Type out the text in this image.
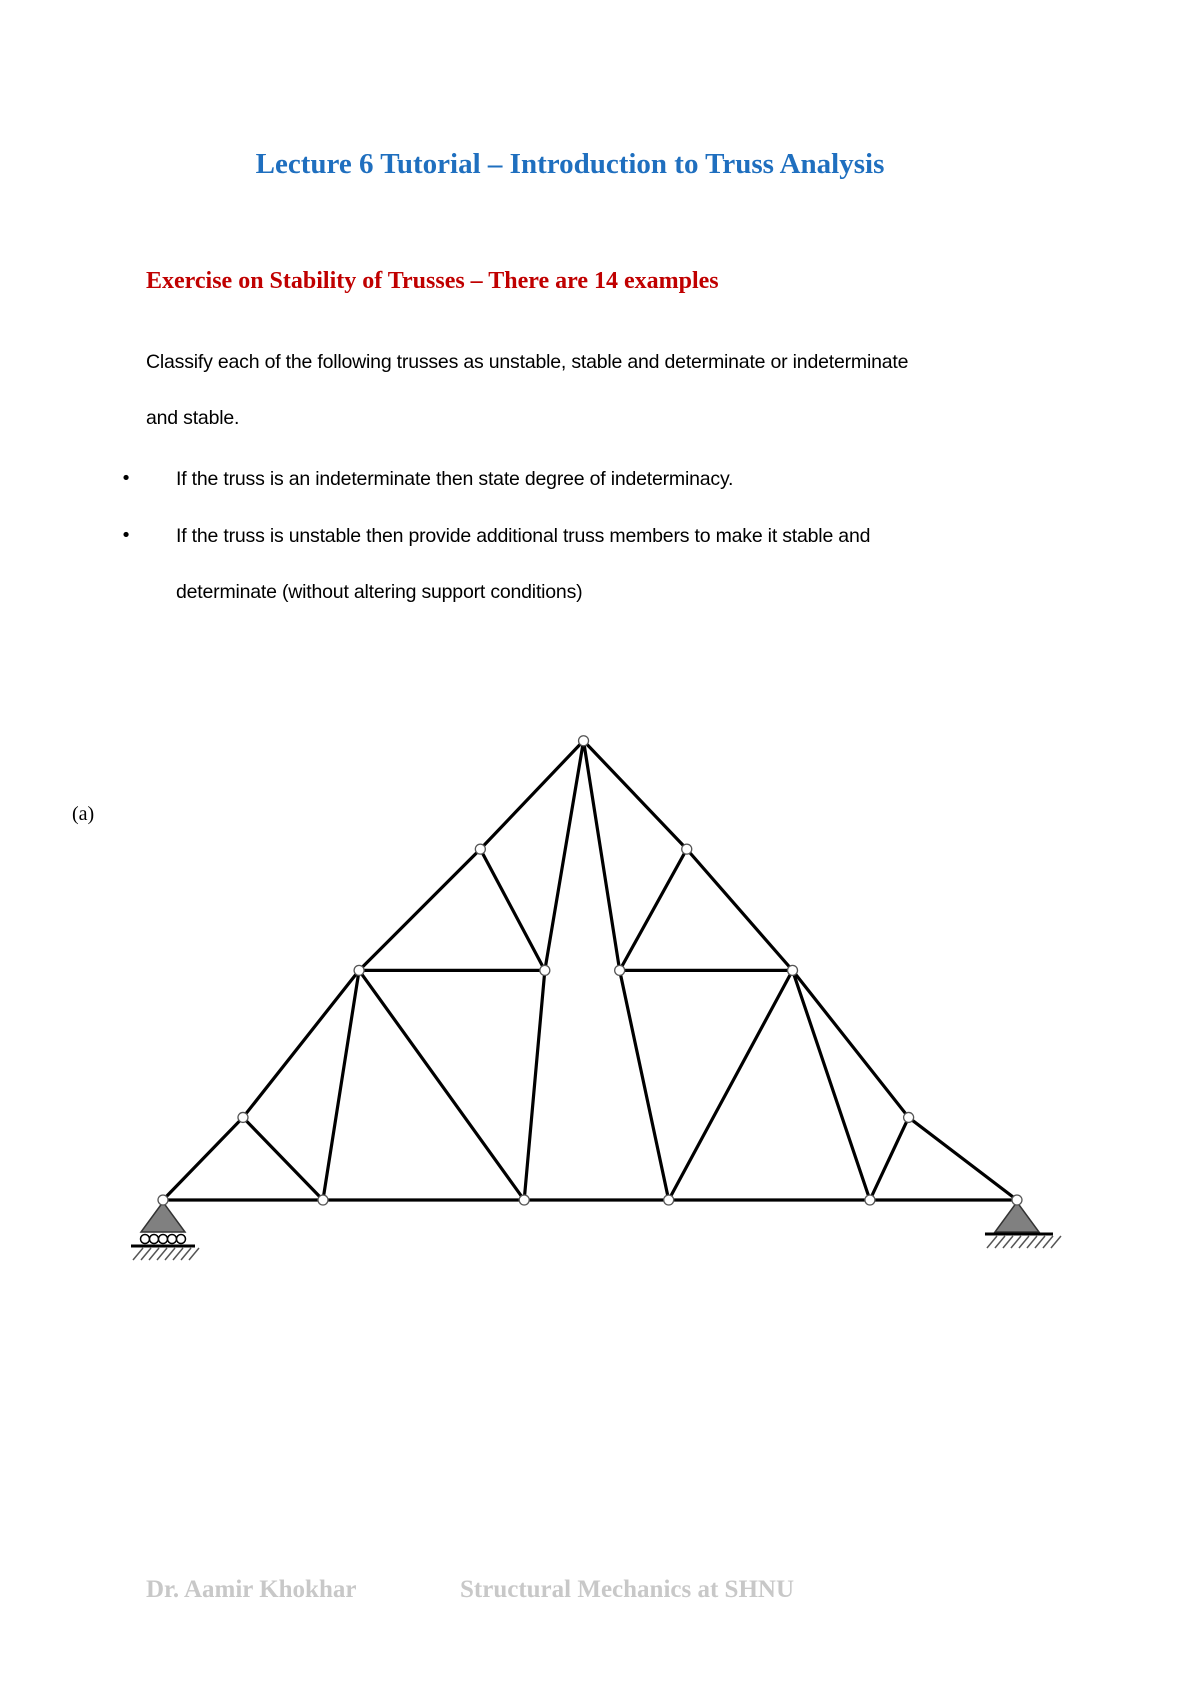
Lecture 6 Tutorial – Introduction to Truss Analysis
Exercise on Stability of Trusses – There are 14 examples
Classify each of the following trusses as unstable, stable and determinate or indeterminate
and stable.
• If the truss is an indeterminate then state degree of indeterminacy.
• If the truss is unstable then provide additional truss members to make it stable and
determinate (without altering support conditions)
(a)
Dr. Aamir Khokhar	Structural Mechanics at SHNU
